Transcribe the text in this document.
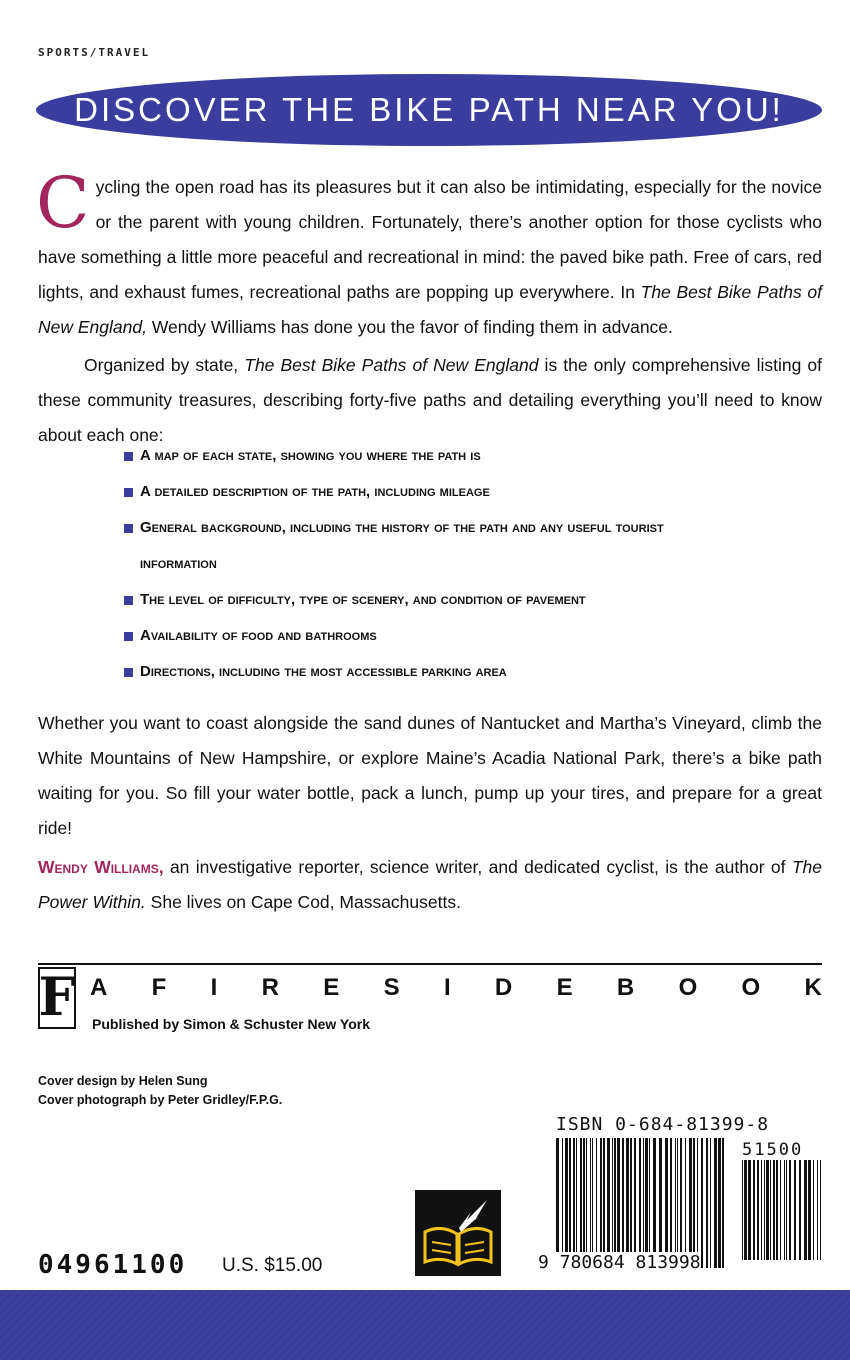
SPORTS/TRAVEL
DISCOVER THE BIKE PATH NEAR YOU!
Cycling the open road has its pleasures but it can also be intimidating, especially for the novice or the parent with young children. Fortunately, there’s another option for those cyclists who have something a little more peaceful and recreational in mind: the paved bike path. Free of cars, red lights, and exhaust fumes, recreational paths are popping up everywhere. In The Best Bike Paths of New England, Wendy Williams has done you the favor of finding them in advance.
Organized by state, The Best Bike Paths of New England is the only comprehensive listing of these community treasures, describing forty-five paths and detailing everything you’ll need to know about each one:
A map of each state, showing you where the path is
A detailed description of the path, including mileage
General background, including the history of the path and any useful tourist information
The level of difficulty, type of scenery, and condition of pavement
Availability of food and bathrooms
Directions, including the most accessible parking area
Whether you want to coast alongside the sand dunes of Nantucket and Martha’s Vineyard, climb the White Mountains of New Hampshire, or explore Maine’s Acadia National Park, there’s a bike path waiting for you. So fill your water bottle, pack a lunch, pump up your tires, and prepare for a great ride!
Wendy Williams, an investigative reporter, science writer, and dedicated cyclist, is the author of The Power Within. She lives on Cape Cod, Massachusetts.
F A F I R E S I D E B O O K
Published by Simon & Schuster New York
Cover design by Helen Sung
Cover photograph by Peter Gridley/F.P.G.
ISBN 0-684-81399-8
51500
9 780684 813998
04961100 U.S. $15.00
